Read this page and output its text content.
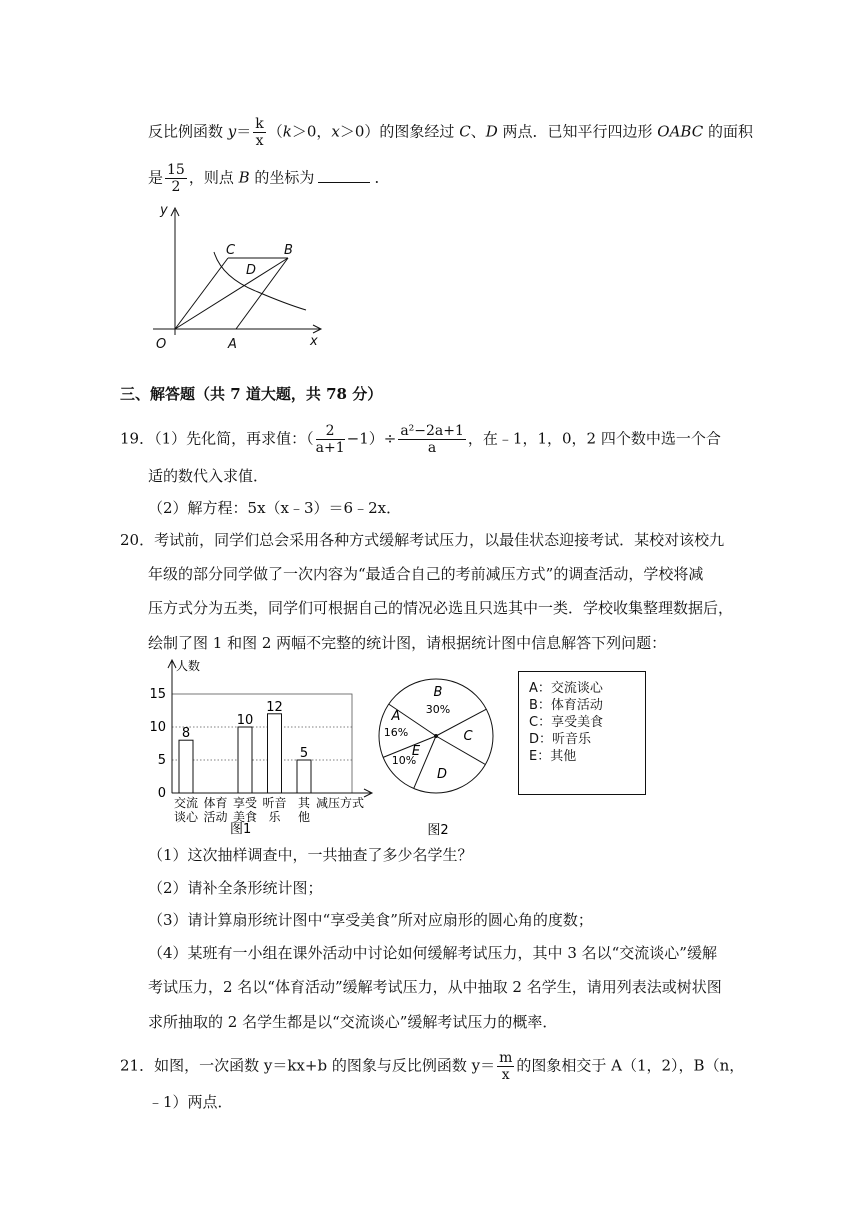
反比例函数 $y= \frac{k}{x} (k>0$，x＞0）的图象经过 C、D 两点．已知平行四边形 OABC 的面积
是 $\frac{15}{2}$ ，则点 B 的坐标为	．
y
x
O	A
C	B
D
三、解答题（共 7 道大题，共 78 分）
19．（1）先化简，再求值：（ $\frac{2}{a+1} -1)\div \frac{\text{a²−2a+1}}{a}$ ，在﹣1，1，0，2 四个数中选一个合
适的数代入求值．
（2）解方程：5x（x﹣3）＝6﹣2x．
20．考试前，同学们总会采用各种方式缓解考试压力，以最佳状态迎接考试．某校对该校九
年级的部分同学做了一次内容为“最适合自己的考前减压方式”的调查活动，学校将减
压方式分为五类，同学们可根据自己的情况必选且只选其中一类．学校收集整理数据后，
绘制了图 1 和图 2 两幅不完整的统计图，请根据统计图中信息解答下列问题：
人数
0
5
10
15
8
交流
谈心
体育
活动
10
享受
美食
12
听音
乐
5
其
他
减压方式
图1
B
30%
A
16%
E
10%
D
C
图2
A：交流谈心
B：体育活动
C：享受美食
D：听音乐
E：其他
（1）这次抽样调查中，一共抽查了多少名学生？
（2）请补全条形统计图；
（3）请计算扇形统计图中“享受美食”所对应扇形的圆心角的度数；
（4）某班有一小组在课外活动中讨论如何缓解考试压力，其中 3 名以“交流谈心”缓解
考试压力，2 名以“体育活动”缓解考试压力，从中抽取 2 名学生，请用列表法或树状图
求所抽取的 2 名学生都是以“交流谈心”缓解考试压力的概率．
21．如图，一次函数 y＝kx+b 的图象与反比例函数 $y= \frac{m}{x}$ 的图象相交于 A（1，2），B（n，
﹣1）两点．
